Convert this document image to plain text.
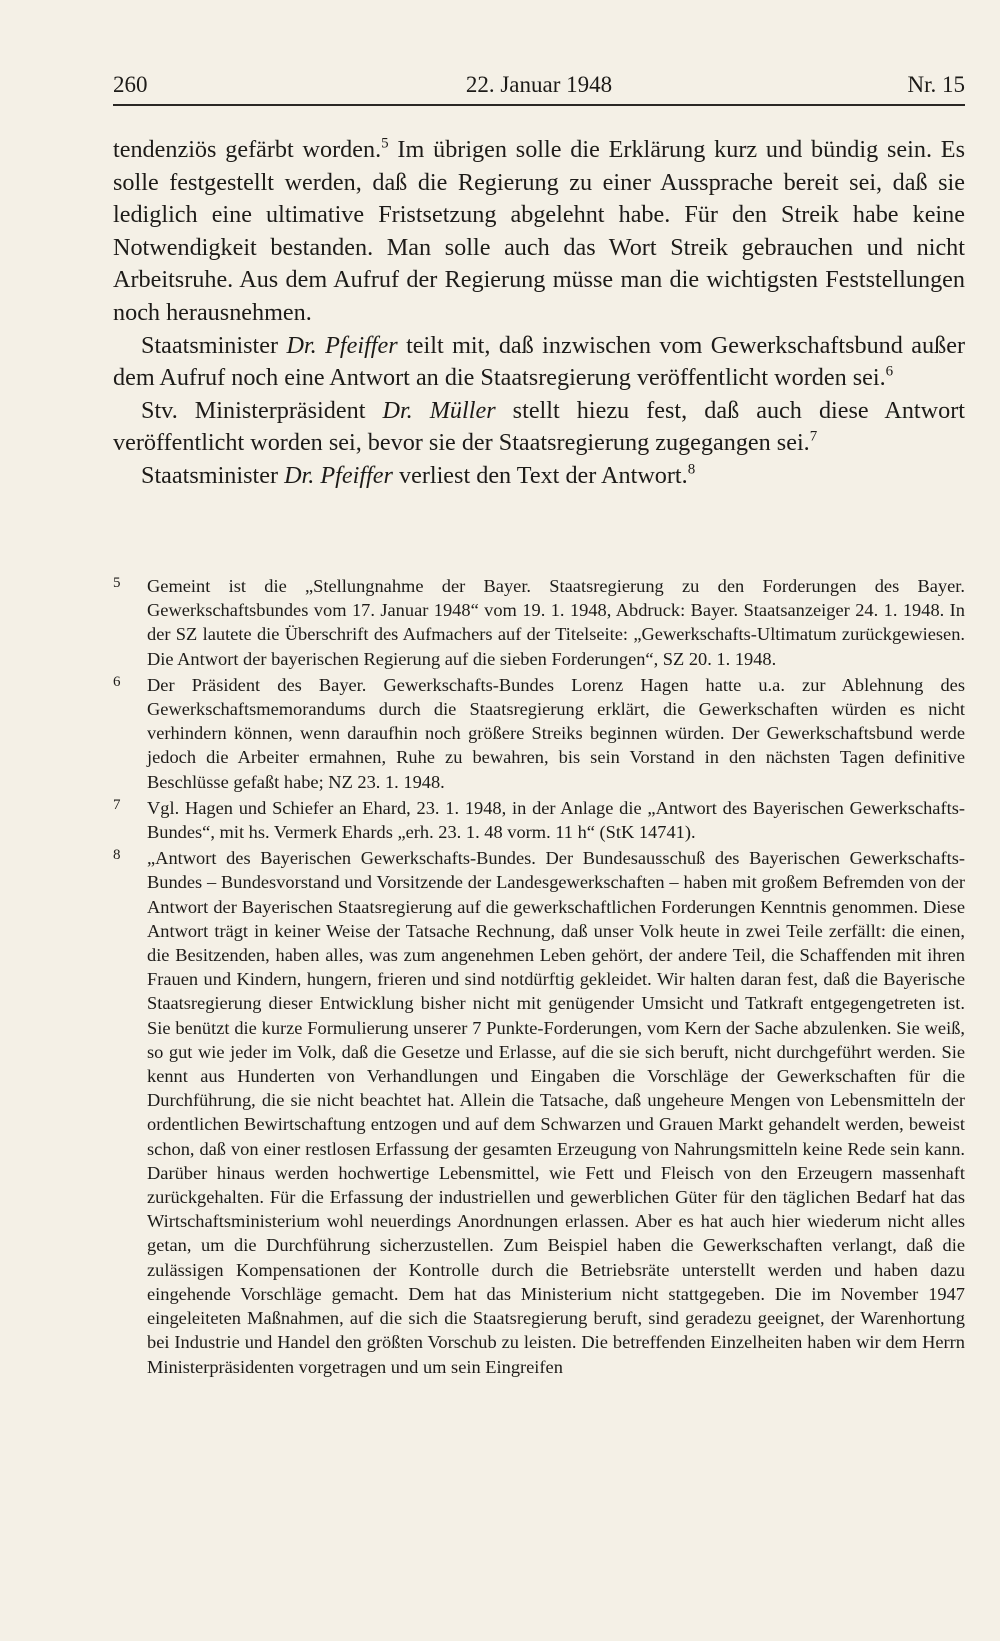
260	22. Januar 1948	Nr. 15

tendenziös gefärbt worden.$^5$ Im übrigen solle die Erklärung kurz und bündig sein. Es solle festgestellt werden, daß die Regierung zu einer Aussprache bereit sei, daß sie lediglich eine ultimative Fristsetzung abgelehnt habe. Für den Streik habe keine Notwendigkeit bestanden. Man solle auch das Wort Streik gebrauchen und nicht Arbeitsruhe. Aus dem Aufruf der Regierung müsse man die wichtigsten Feststellungen noch herausnehmen.

Staatsminister Dr. Pfeiffer teilt mit, daß inzwischen vom Gewerkschaftsbund außer dem Aufruf noch eine Antwort an die Staatsregierung veröffentlicht worden sei.$^6$

Stv. Ministerpräsident Dr. Müller stellt hiezu fest, daß auch diese Antwort veröffentlicht worden sei, bevor sie der Staatsregierung zugegangen sei.$^7$

Staatsminister Dr. Pfeiffer verliest den Text der Antwort.$^8$

5 Gemeint ist die „Stellungnahme der Bayer. Staatsregierung zu den Forderungen des Bayer. Gewerkschaftsbundes vom 17. Januar 1948“ vom 19. 1. 1948, Abdruck: Bayer. Staatsanzeiger 24. 1. 1948. In der SZ lautete die Überschrift des Aufmachers auf der Titelseite: „Gewerkschafts-Ultimatum zurückgewiesen. Die Antwort der bayerischen Regierung auf die sieben Forderungen“, SZ 20. 1. 1948.
6 Der Präsident des Bayer. Gewerkschafts-Bundes Lorenz Hagen hatte u.a. zur Ablehnung des Gewerkschaftsmemorandums durch die Staatsregierung erklärt, die Gewerkschaften würden es nicht verhindern können, wenn daraufhin noch größere Streiks beginnen würden. Der Gewerkschaftsbund werde jedoch die Arbeiter ermahnen, Ruhe zu bewahren, bis sein Vorstand in den nächsten Tagen definitive Beschlüsse gefaßt habe; NZ 23. 1. 1948.
7 Vgl. Hagen und Schiefer an Ehard, 23. 1. 1948, in der Anlage die „Antwort des Bayerischen Gewerkschafts-Bundes“, mit hs. Vermerk Ehards „erh. 23. 1. 48 vorm. 11 h“ (StK 14741).
8 „Antwort des Bayerischen Gewerkschafts-Bundes. Der Bundesausschuß des Bayerischen Gewerkschafts-Bundes – Bundesvorstand und Vorsitzende der Landesgewerkschaften – haben mit großem Befremden von der Antwort der Bayerischen Staatsregierung auf die gewerkschaftlichen Forderungen Kenntnis genommen. Diese Antwort trägt in keiner Weise der Tatsache Rechnung, daß unser Volk heute in zwei Teile zerfällt: die einen, die Besitzenden, haben alles, was zum angenehmen Leben gehört, der andere Teil, die Schaffenden mit ihren Frauen und Kindern, hungern, frieren und sind notdürftig gekleidet. Wir halten daran fest, daß die Bayerische Staatsregierung dieser Entwicklung bisher nicht mit genügender Umsicht und Tatkraft entgegengetreten ist. Sie benützt die kurze Formulierung unserer 7 Punkte-Forderungen, vom Kern der Sache abzulenken. Sie weiß, so gut wie jeder im Volk, daß die Gesetze und Erlasse, auf die sie sich beruft, nicht durchgeführt werden. Sie kennt aus Hunderten von Verhandlungen und Eingaben die Vorschläge der Gewerkschaften für die Durchführung, die sie nicht beachtet hat. Allein die Tatsache, daß ungeheure Mengen von Lebensmitteln der ordentlichen Bewirtschaftung entzogen und auf dem Schwarzen und Grauen Markt gehandelt werden, beweist schon, daß von einer restlosen Erfassung der gesamten Erzeugung von Nahrungsmitteln keine Rede sein kann. Darüber hinaus werden hochwertige Lebensmittel, wie Fett und Fleisch von den Erzeugern massenhaft zurückgehalten. Für die Erfassung der industriellen und gewerblichen Güter für den täglichen Bedarf hat das Wirtschaftsministerium wohl neuerdings Anordnungen erlassen. Aber es hat auch hier wiederum nicht alles getan, um die Durchführung sicherzustellen. Zum Beispiel haben die Gewerkschaften verlangt, daß die zulässigen Kompensationen der Kontrolle durch die Betriebsräte unterstellt werden und haben dazu eingehende Vorschläge gemacht. Dem hat das Ministerium nicht stattgegeben. Die im November 1947 eingeleiteten Maßnahmen, auf die sich die Staatsregierung beruft, sind geradezu geeignet, der Warenhortung bei Industrie und Handel den größten Vorschub zu leisten. Die betreffenden Einzelheiten haben wir dem Herrn Ministerpräsidenten vorgetragen und um sein Eingreifen
